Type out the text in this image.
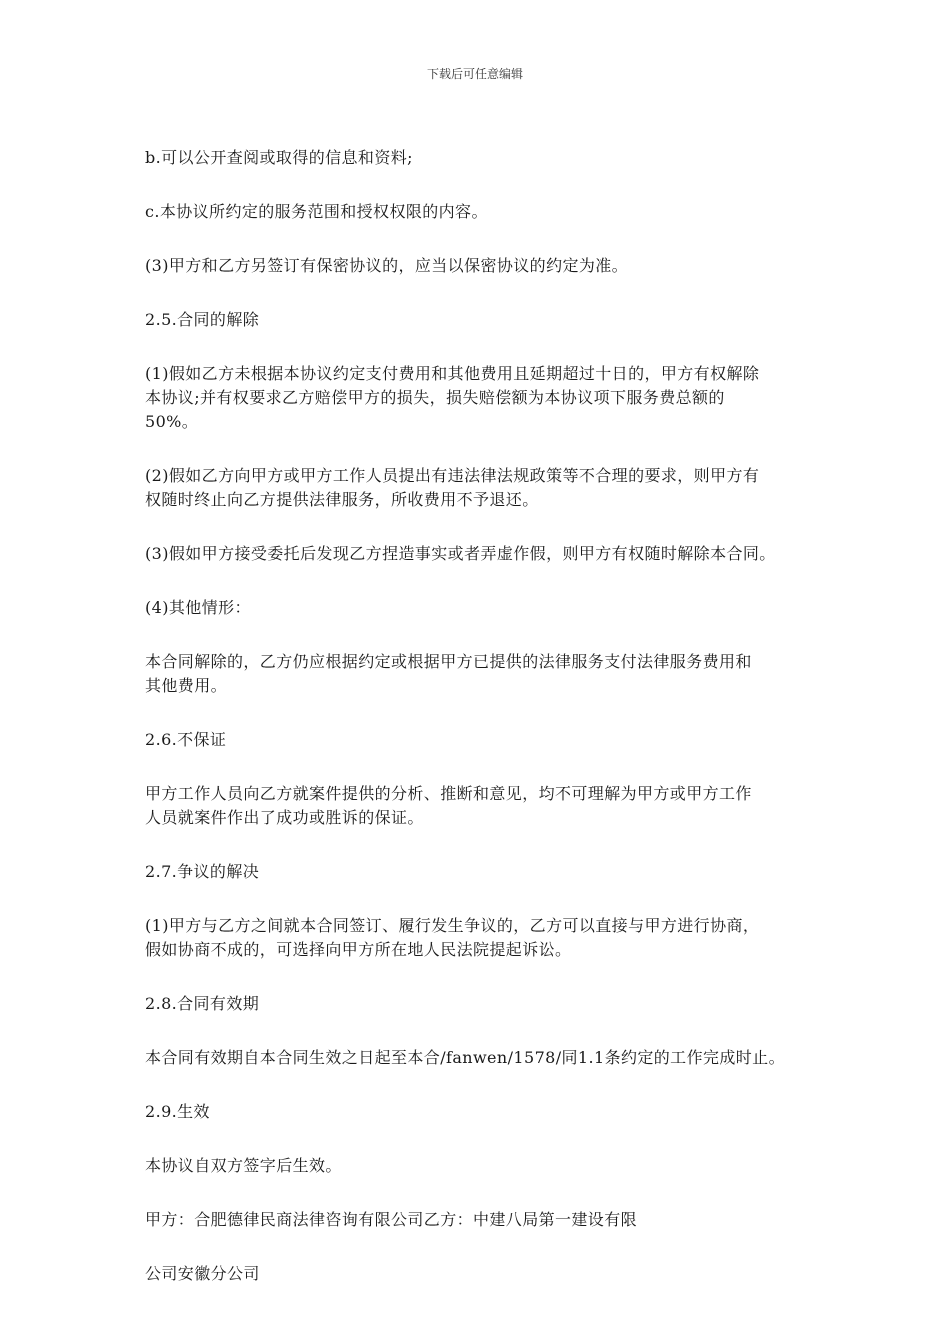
下载后可任意编辑

b.可以公开查阅或取得的信息和资料;

c.本协议所约定的服务范围和授权权限的内容。

(3)甲方和乙方另签订有保密协议的，应当以保密协议的约定为准。

2.5.合同的解除

(1)假如乙方未根据本协议约定支付费用和其他费用且延期超过十日的，甲方有权解除
本协议;并有权要求乙方赔偿甲方的损失，损失赔偿额为本协议项下服务费总额的
50%。

(2)假如乙方向甲方或甲方工作人员提出有违法律法规政策等不合理的要求，则甲方有
权随时终止向乙方提供法律服务，所收费用不予退还。

(3)假如甲方接受委托后发现乙方捏造事实或者弄虚作假，则甲方有权随时解除本合同。

(4)其他情形：

本合同解除的，乙方仍应根据约定或根据甲方已提供的法律服务支付法律服务费用和
其他费用。

2.6.不保证

甲方工作人员向乙方就案件提供的分析、推断和意见，均不可理解为甲方或甲方工作
人员就案件作出了成功或胜诉的保证。

2.7.争议的解决

(1)甲方与乙方之间就本合同签订、履行发生争议的，乙方可以直接与甲方进行协商，
假如协商不成的，可选择向甲方所在地人民法院提起诉讼。

2.8.合同有效期

本合同有效期自本合同生效之日起至本合/fanwen/1578/同1.1条约定的工作完成时止。

2.9.生效

本协议自双方签字后生效。

甲方：合肥德律民商法律咨询有限公司乙方：中建八局第一建设有限

公司安徽分公司
